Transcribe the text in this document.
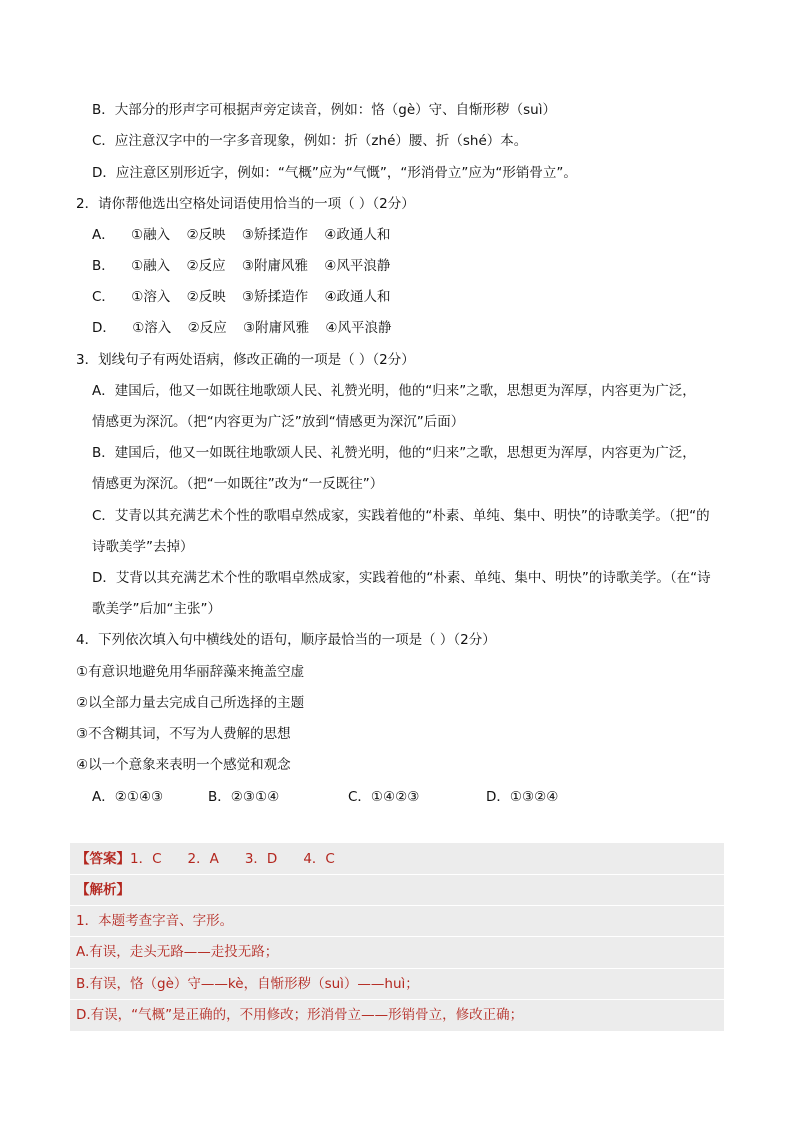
B．大部分的形声字可根据声旁定读音，例如：恪（gè）守、自惭形秽（suì）
C．应注意汉字中的一字多音现象，例如：折（zhé）腰、折（shé）本。
D．应注意区别形近字，例如：“气概”应为“气慨”，“形消骨立”应为“形销骨立”。
2．请你帮他选出空格处词语使用恰当的一项（ ）（2分）
A． ①融入 ②反映 ③矫揉造作 ④政通人和
B． ①融入 ②反应 ③附庸风雅 ④风平浪静
C． ①溶入 ②反映 ③矫揉造作 ④政通人和
D． ①溶入 ②反应 ③附庸风雅 ④风平浪静
3．划线句子有两处语病，修改正确的一项是（ ）（2分）
A．建国后，他又一如既往地歌颂人民、礼赞光明，他的“归来”之歌，思想更为浑厚，内容更为广泛，
情感更为深沉。（把“内容更为广泛”放到“情感更为深沉”后面）
B．建国后，他又一如既往地歌颂人民、礼赞光明，他的“归来”之歌，思想更为浑厚，内容更为广泛，
情感更为深沉。（把“一如既往”改为“一反既往”）
C．艾青以其充满艺术个性的歌唱卓然成家，实践着他的“朴素、单纯、集中、明快”的诗歌美学。（把“的
诗歌美学”去掉）
D．艾背以其充满艺术个性的歌唱卓然成家，实践着他的“朴素、单纯、集中、明快”的诗歌美学。（在“诗
歌美学”后加“主张”）
4．下列依次填入句中横线处的语句，顺序最恰当的一项是（ ）（2分）
①有意识地避免用华丽辞藻来掩盖空虚
②以全部力量去完成自己所选择的主题
③不含糊其词，不写为人费解的思想
④以一个意象来表明一个感觉和观念
A．②①④③	B．②③①④	C．①④②③	D．①③②④
【答案】1．C 2．A 3．D 4．C
【解析】
1．本题考查字音、字形。
A.有误，走头无路——走投无路；
B.有误，恪（gè）守——kè，自惭形秽（suì）——huì；
D.有误，“气概”是正确的，不用修改；形消骨立——形销骨立，修改正确；
